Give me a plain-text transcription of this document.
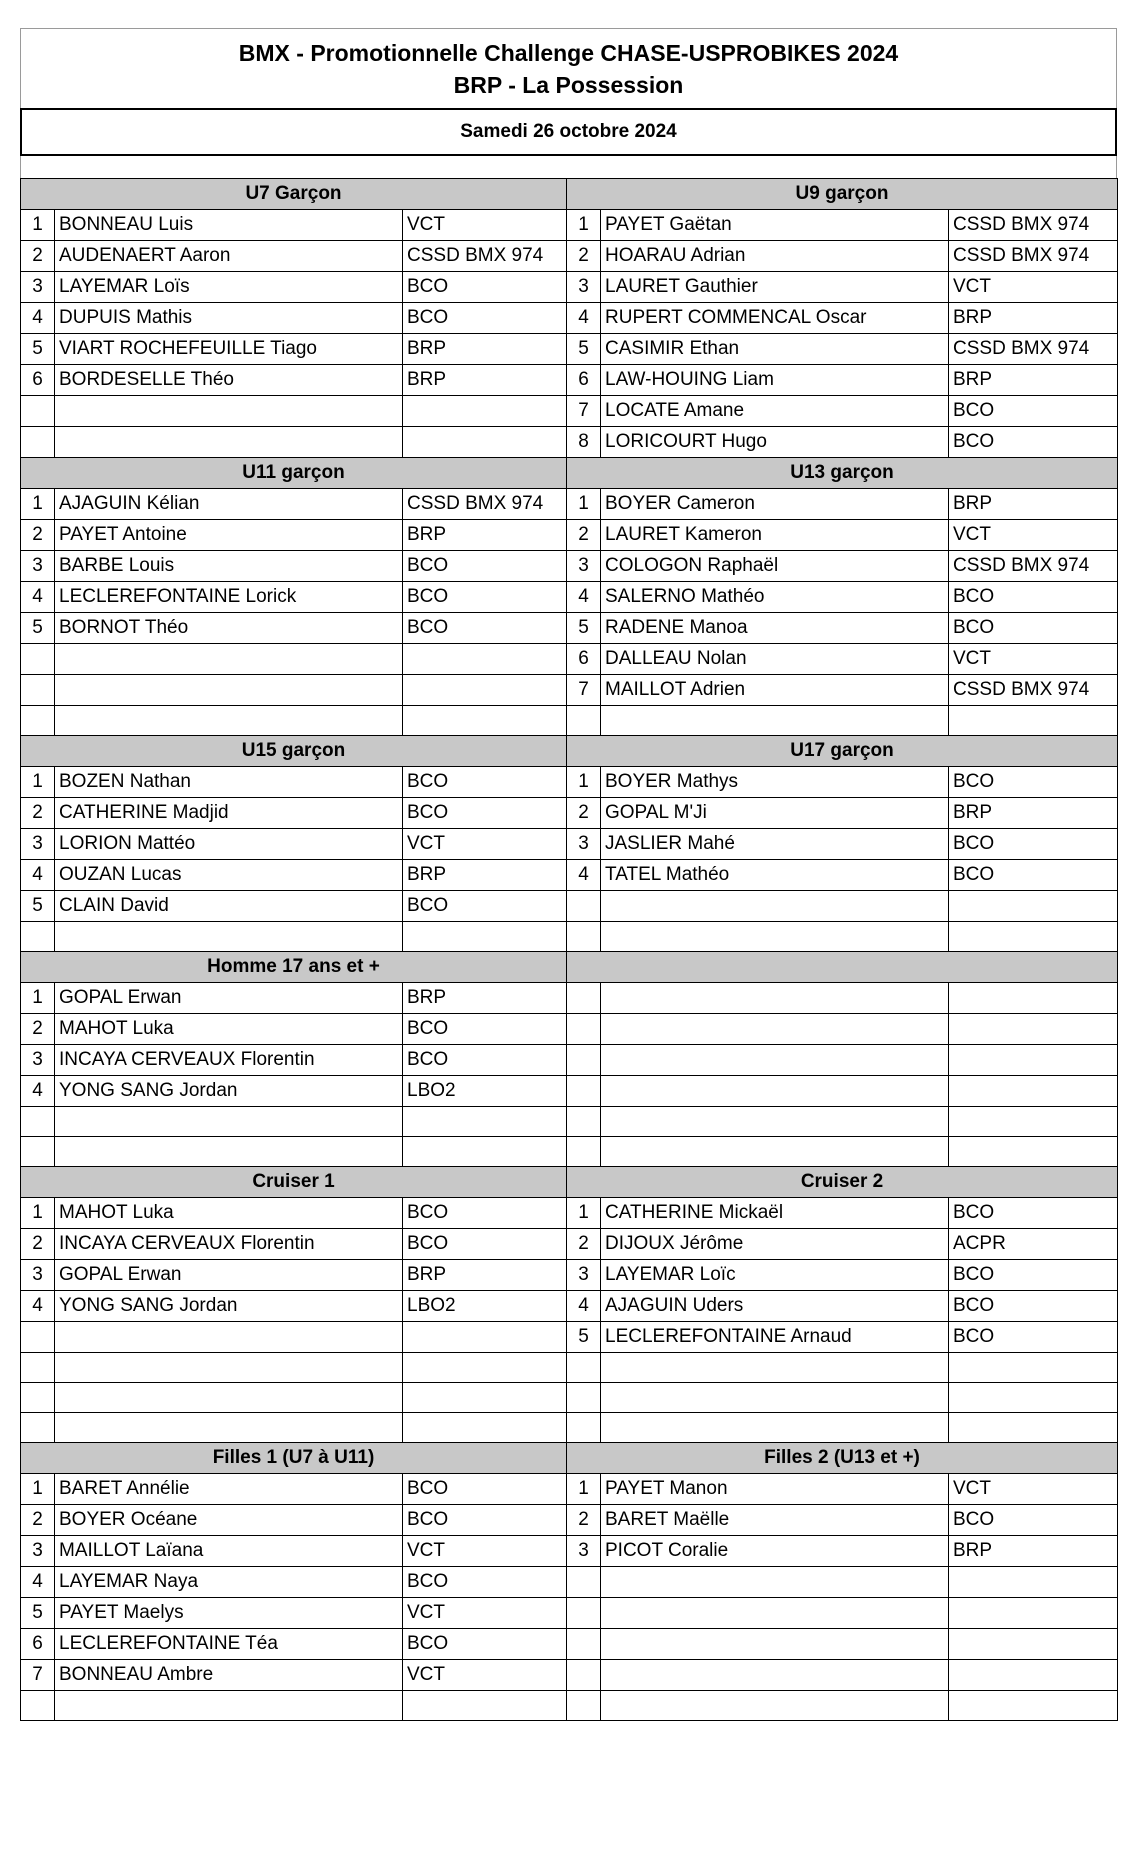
BMX - Promotionnelle Challenge CHASE-USPROBIKES 2024
BRP - La Possession
Samedi 26 octobre 2024
U7 Garçon			U9 garçon		
1	BONNEAU Luis	VCT	1	PAYET Gaëtan	CSSD BMX 974
2	AUDENAERT Aaron	CSSD BMX 974	2	HOARAU Adrian	CSSD BMX 974
3	LAYEMAR Loïs	BCO	3	LAURET Gauthier	VCT
4	DUPUIS Mathis	BCO	4	RUPERT COMMENCAL Oscar	BRP
5	VIART ROCHEFEUILLE Tiago	BRP	5	CASIMIR Ethan	CSSD BMX 974
6	BORDESELLE Théo	BRP	6	LAW-HOUING Liam	BRP
			7	LOCATE Amane	BCO
			8	LORICOURT Hugo	BCO
U11 garçon			U13 garçon		
1	AJAGUIN Kélian	CSSD BMX 974	1	BOYER Cameron	BRP
2	PAYET Antoine	BRP	2	LAURET Kameron	VCT
3	BARBE Louis	BCO	3	COLOGON Raphaël	CSSD BMX 974
4	LECLEREFONTAINE Lorick	BCO	4	SALERNO Mathéo	BCO
5	BORNOT Théo	BCO	5	RADENE Manoa	BCO
			6	DALLEAU Nolan	VCT
			7	MAILLOT Adrien	CSSD BMX 974

U15 garçon			U17 garçon		
1	BOZEN Nathan	BCO	1	BOYER Mathys	BCO
2	CATHERINE Madjid	BCO	2	GOPAL M'Ji	BRP
3	LORION Mattéo	VCT	3	JASLIER Mahé	BCO
4	OUZAN Lucas	BRP	4	TATEL Mathéo	BCO
5	CLAIN David	BCO			

Homme 17 ans et +					
1	GOPAL Erwan	BRP			
2	MAHOT Luka	BCO			
3	INCAYA CERVEAUX Florentin	BCO			
4	YONG SANG Jordan	LBO2			

Cruiser 1			Cruiser 2		
1	MAHOT Luka	BCO	1	CATHERINE Mickaël	BCO
2	INCAYA CERVEAUX Florentin	BCO	2	DIJOUX Jérôme	ACPR
3	GOPAL Erwan	BRP	3	LAYEMAR Loïc	BCO
4	YONG SANG Jordan	LBO2	4	AJAGUIN Uders	BCO
			5	LECLEREFONTAINE Arnaud	BCO

Filles 1 (U7 à U11)			Filles 2 (U13 et +)		
1	BARET Annélie	BCO	1	PAYET Manon	VCT
2	BOYER Océane	BCO	2	BARET Maëlle	BCO
3	MAILLOT Laïana	VCT	3	PICOT Coralie	BRP
4	LAYEMAR Naya	BCO			
5	PAYET Maelys	VCT			
6	LECLEREFONTAINE Téa	BCO			
7	BONNEAU Ambre	VCT			
